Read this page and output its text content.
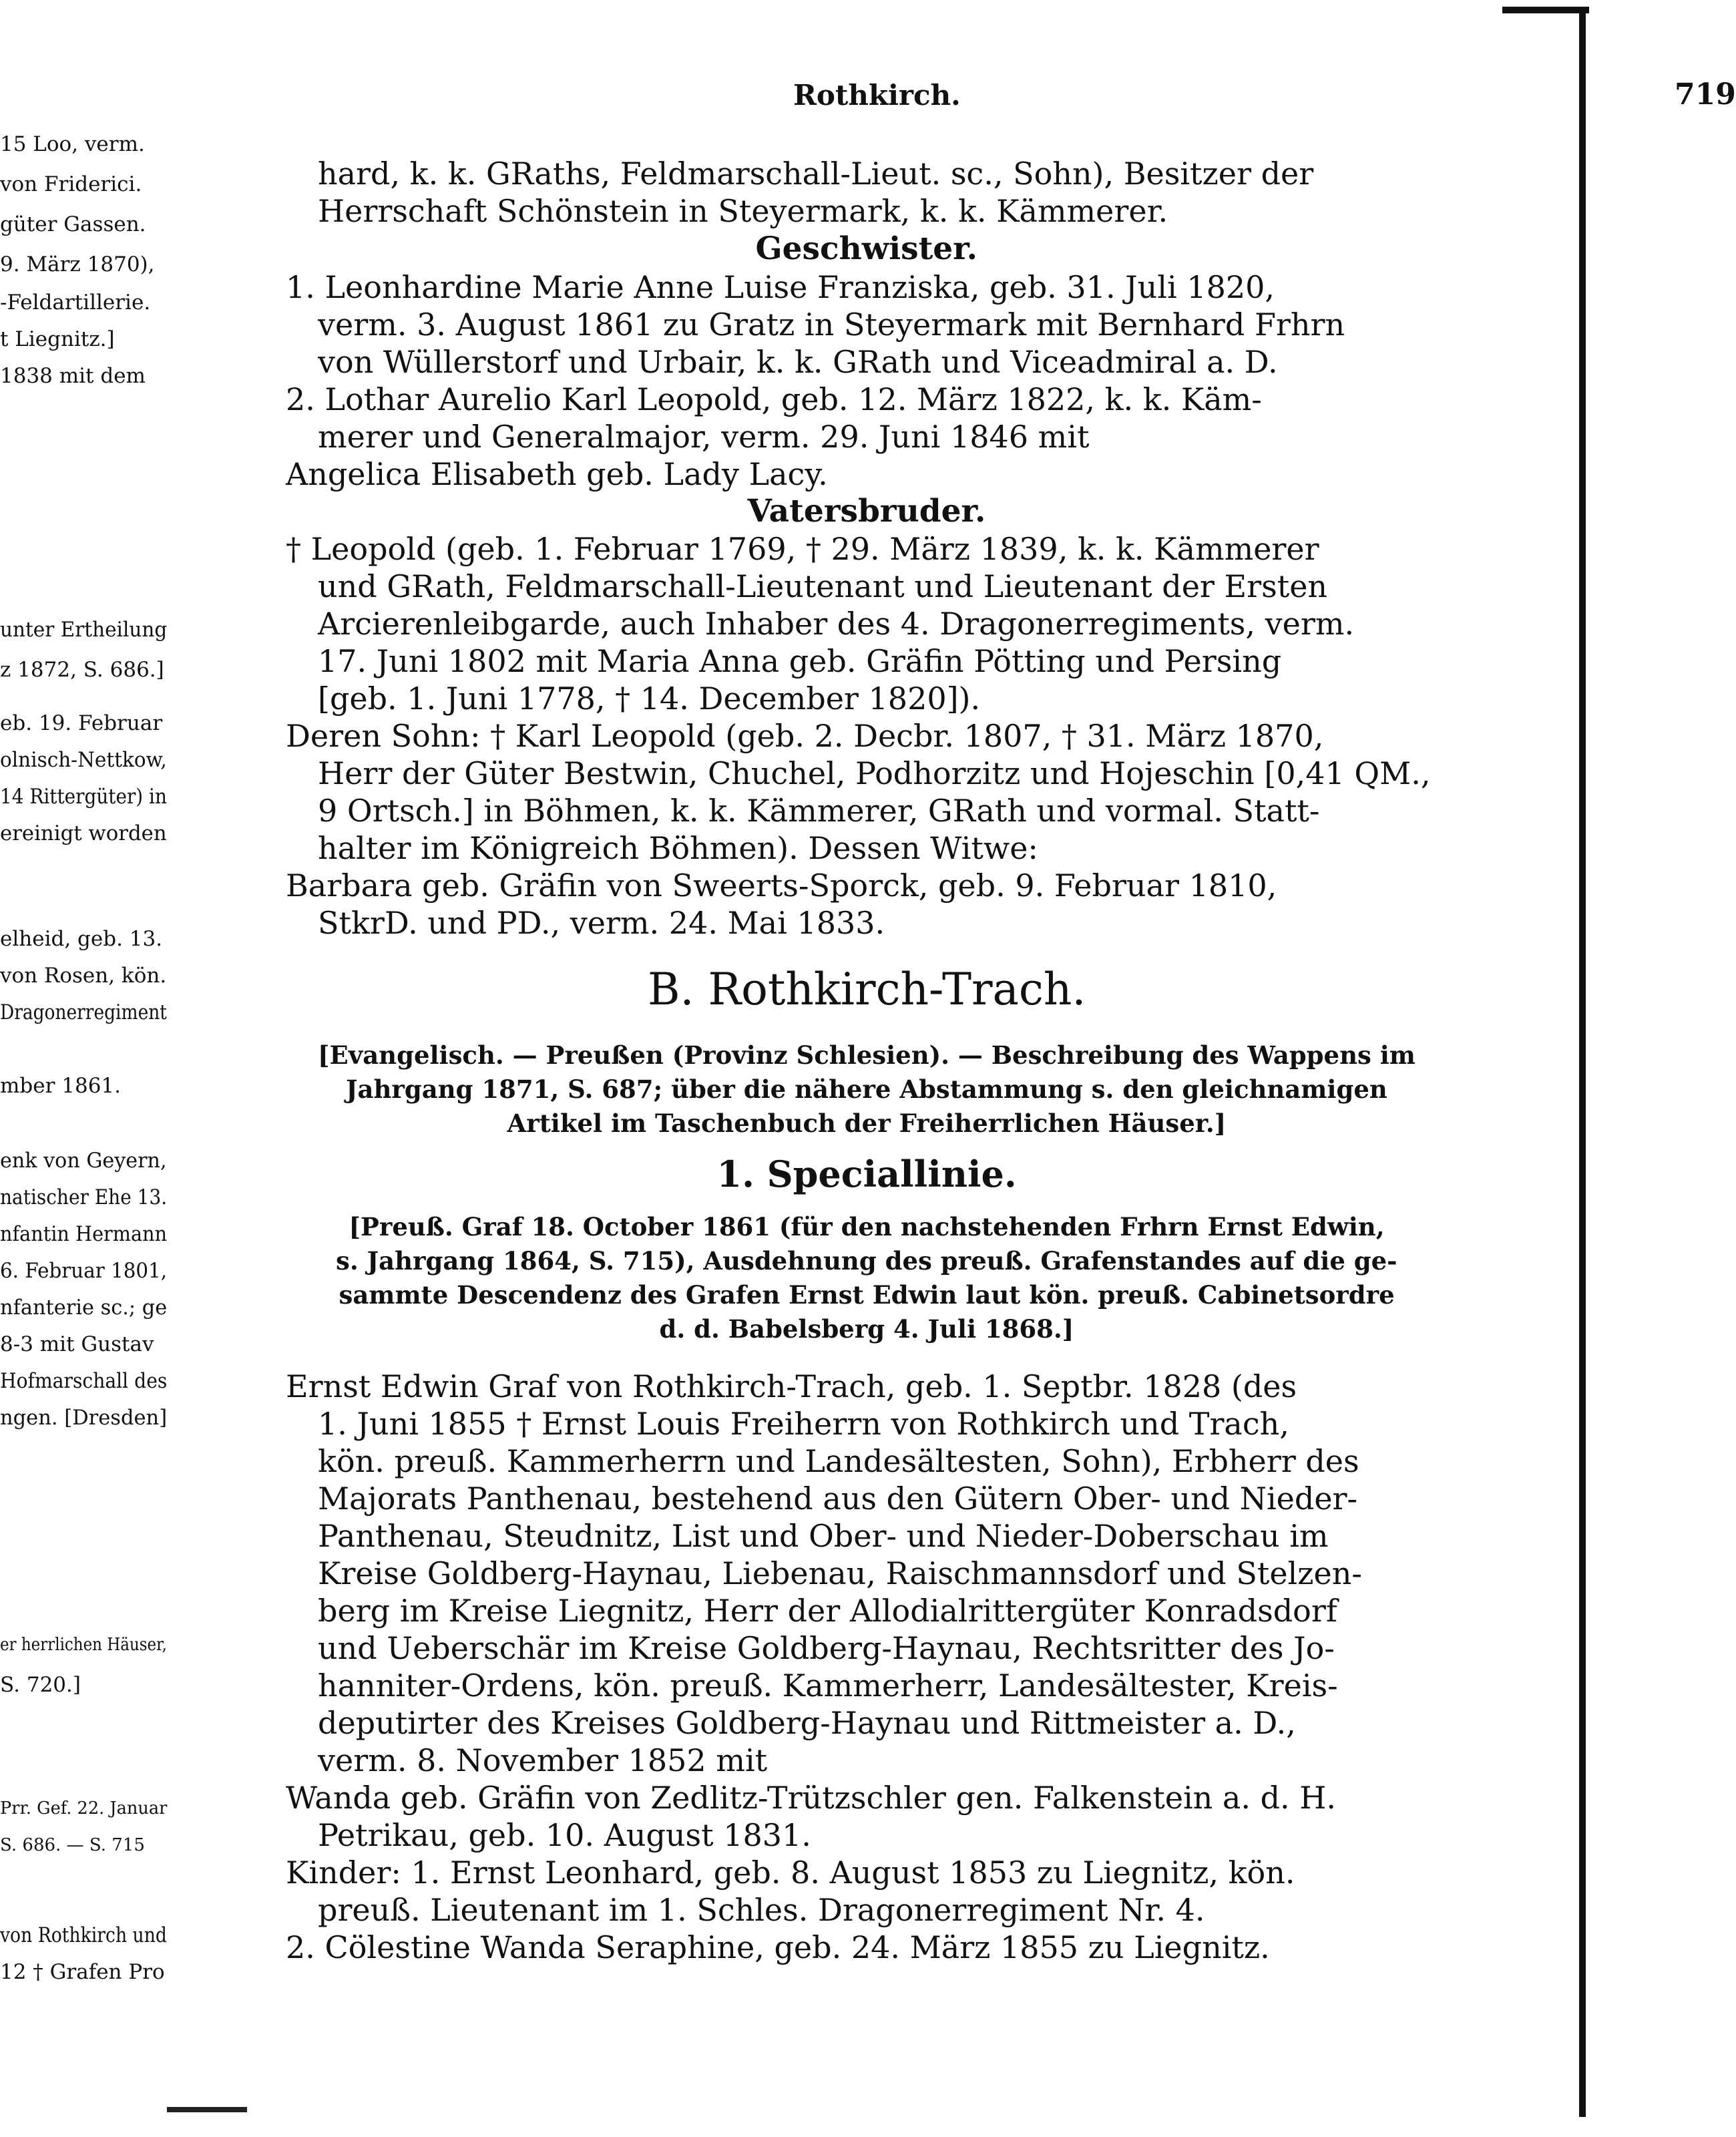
15 Loo, verm.
von Friderici.
güter Gassen.
9. März 1870),
-Feldartillerie.
t Liegnitz.]
1838 mit dem
unter Ertheilung
z 1872, S. 686.]
eb. 19. Februar
olnisch-Nettkow,
14 Rittergüter) in
ereinigt worden
elheid, geb. 13.
von Rosen, kön.
Dragonerregiment
mber 1861.
enk von Geyern,
natischer Ehe 13.
nfantin Hermann
6. Februar 1801,
nfanterie sc.; ge
8-3 mit Gustav
Hofmarschall des
ngen. [Dresden]
er herrlichen Häuser,
S. 720.]
Prr. Gef. 22. Januar
S. 686. — S. 715
von Rothkirch und
12 † Grafen Pro
Rothkirch.	719
hard, k. k. GRaths, Feldmarschall-Lieut. sc., Sohn), Besitzer der
Herrschaft Schönstein in Steyermark, k. k. Kämmerer.
Geschwister.
1. Leonhardine Marie Anne Luise Franziska, geb. 31. Juli 1820,
verm. 3. August 1861 zu Gratz in Steyermark mit Bernhard Frhrn
von Wüllerstorf und Urbair, k. k. GRath und Viceadmiral a. D.
2. Lothar Aurelio Karl Leopold, geb. 12. März 1822, k. k. Käm-
merer und Generalmajor, verm. 29. Juni 1846 mit
Angelica Elisabeth geb. Lady Lacy.
Vatersbruder.
† Leopold (geb. 1. Februar 1769, † 29. März 1839, k. k. Kämmerer
und GRath, Feldmarschall-Lieutenant und Lieutenant der Ersten
Arcierenleibgarde, auch Inhaber des 4. Dragonerregiments, verm.
17. Juni 1802 mit Maria Anna geb. Gräfin Pötting und Persing
[geb. 1. Juni 1778, † 14. December 1820]).
Deren Sohn: † Karl Leopold (geb. 2. Decbr. 1807, † 31. März 1870,
Herr der Güter Bestwin, Chuchel, Podhorzitz und Hojeschin [0,41 QM.,
9 Ortsch.] in Böhmen, k. k. Kämmerer, GRath und vormal. Statt-
halter im Königreich Böhmen). Dessen Witwe:
Barbara geb. Gräfin von Sweerts-Sporck, geb. 9. Februar 1810,
StkrD. und PD., verm. 24. Mai 1833.
B. Rothkirch-Trach.
[Evangelisch. — Preußen (Provinz Schlesien). — Beschreibung des Wappens im
Jahrgang 1871, S. 687; über die nähere Abstammung s. den gleichnamigen
Artikel im Taschenbuch der Freiherrlichen Häuser.]
1. Speciallinie.
[Preuß. Graf 18. October 1861 (für den nachstehenden Frhrn Ernst Edwin,
s. Jahrgang 1864, S. 715), Ausdehnung des preuß. Grafenstandes auf die ge-
sammte Descendenz des Grafen Ernst Edwin laut kön. preuß. Cabinetsordre
d. d. Babelsberg 4. Juli 1868.]
Ernst Edwin Graf von Rothkirch-Trach, geb. 1. Septbr. 1828 (des
1. Juni 1855 † Ernst Louis Freiherrn von Rothkirch und Trach,
kön. preuß. Kammerherrn und Landesältesten, Sohn), Erbherr des
Majorats Panthenau, bestehend aus den Gütern Ober- und Nieder-
Panthenau, Steudnitz, List und Ober- und Nieder-Doberschau im
Kreise Goldberg-Haynau, Liebenau, Raischmannsdorf und Stelzen-
berg im Kreise Liegnitz, Herr der Allodialrittergüter Konradsdorf
und Ueberschär im Kreise Goldberg-Haynau, Rechtsritter des Jo-
hanniter-Ordens, kön. preuß. Kammerherr, Landesältester, Kreis-
deputirter des Kreises Goldberg-Haynau und Rittmeister a. D.,
verm. 8. November 1852 mit
Wanda geb. Gräfin von Zedlitz-Trützschler gen. Falkenstein a. d. H.
Petrikau, geb. 10. August 1831.
Kinder: 1. Ernst Leonhard, geb. 8. August 1853 zu Liegnitz, kön.
preuß. Lieutenant im 1. Schles. Dragonerregiment Nr. 4.
2. Cölestine Wanda Seraphine, geb. 24. März 1855 zu Liegnitz.
